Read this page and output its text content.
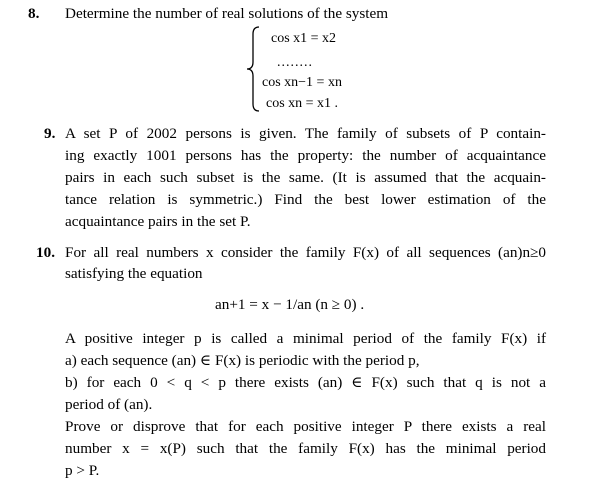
8. Determine the number of real solutions of the system
cos x1 = x2
........
cos xn−1 = xn
cos xn = x1 .
9. A set P of 2002 persons is given. The family of subsets of P contain-
ing exactly 1001 persons has the property: the number of acquaintance
pairs in each such subset is the same. (It is assumed that the acquain-
tance relation is symmetric.) Find the best lower estimation of the
acquaintance pairs in the set P.
10. For all real numbers x consider the family F(x) of all sequences (an)n≥0
satisfying the equation
an+1 = x − 1/an (n ≥ 0) .
A positive integer p is called a minimal period of the family F(x) if
a) each sequence (an) ∈ F(x) is periodic with the period p,
b) for each 0 < q < p there exists (an) ∈ F(x) such that q is not a
period of (an).
Prove or disprove that for each positive integer P there exists a real
number x = x(P) such that the family F(x) has the minimal period
p > P.
